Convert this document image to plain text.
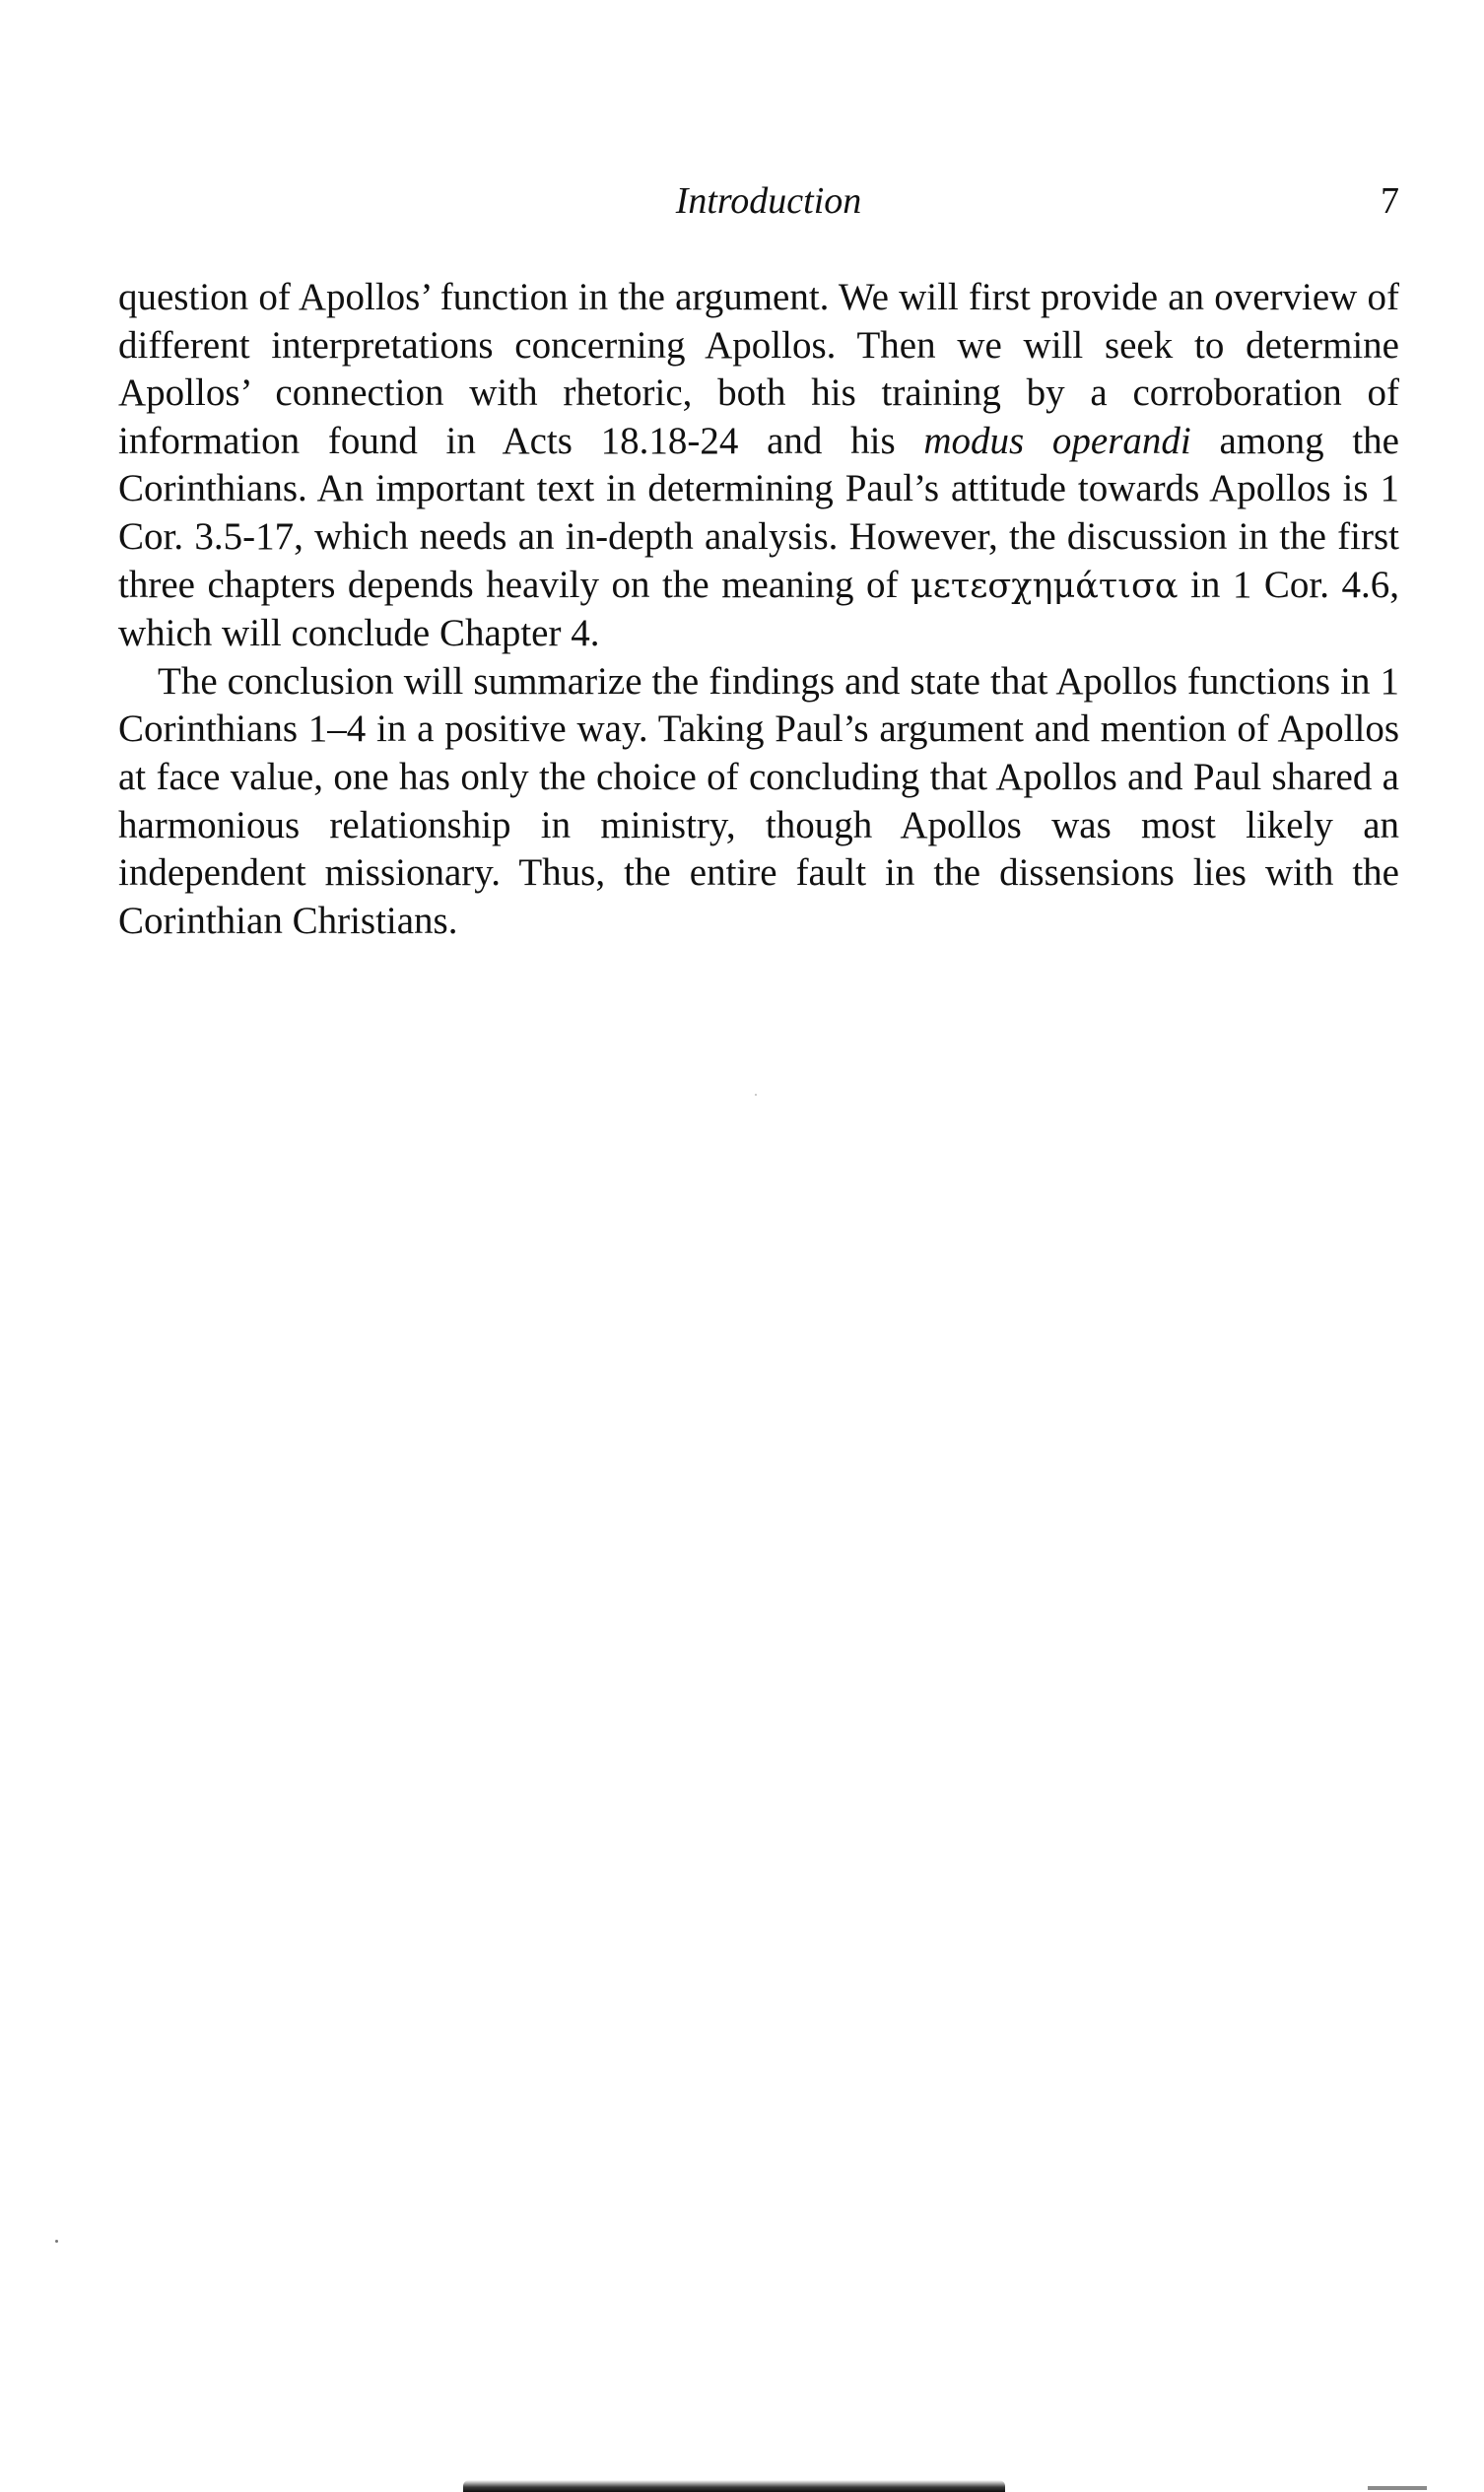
Introduction	7

question of Apollos’ function in the argument. We will first provide an overview of different interpretations concerning Apollos. Then we will seek to determine Apollos’ connection with rhetoric, both his training by a corroboration of information found in Acts 18.18-24 and his modus operandi among the Corinthians. An important text in determining Paul’s attitude towards Apollos is 1 Cor. 3.5-17, which needs an in-depth analysis. However, the discussion in the first three chapters depends heavily on the meaning of μετεσχημάτισα in 1 Cor. 4.6, which will conclude Chapter 4.

The conclusion will summarize the findings and state that Apollos functions in 1 Corinthians 1–4 in a positive way. Taking Paul’s argument and mention of Apollos at face value, one has only the choice of concluding that Apollos and Paul shared a harmonious relationship in ministry, though Apollos was most likely an independent missionary. Thus, the entire fault in the dissensions lies with the Corinthian Christians.
